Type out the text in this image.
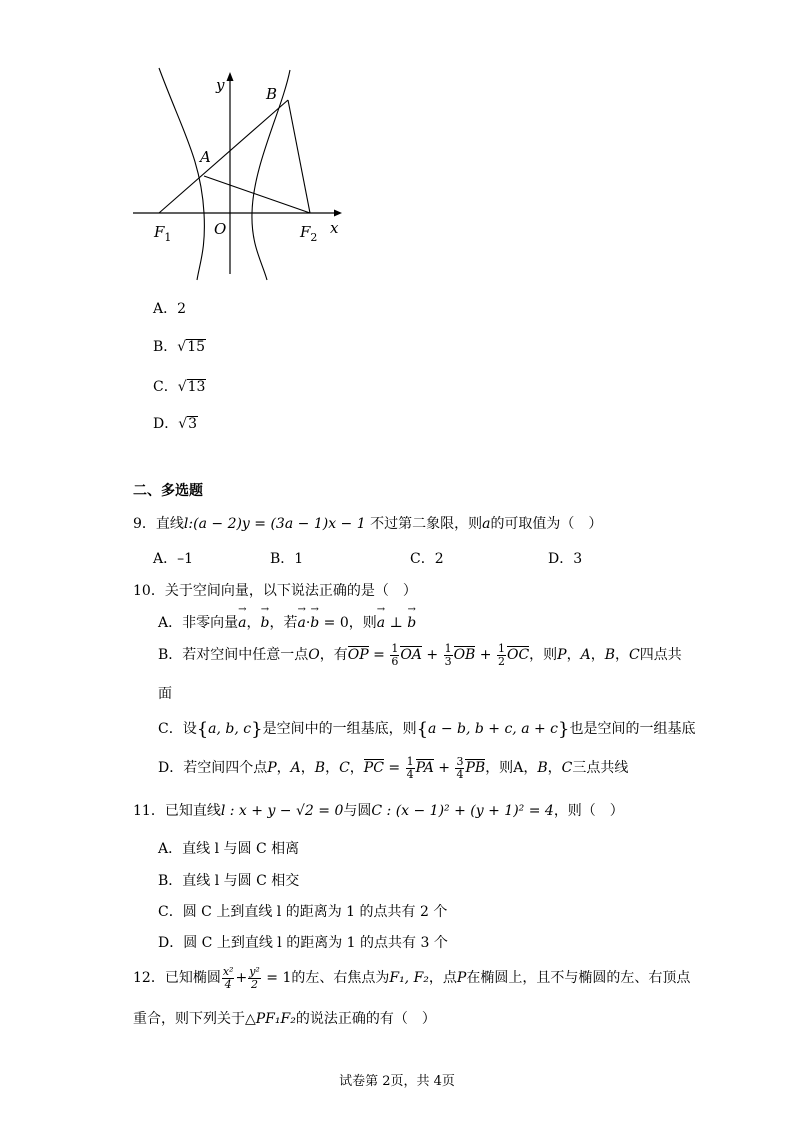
y	B
A
$F_1$	O	$F_2$
x
A．2
B．√15
C．√13
D．√3
二、多选题
9．直线l:(a − 2)y = (3a − 1)x − 1 不过第二象限，则a的可取值为（　）
A．–1	B．1	C．2	D．3
10．关于空间向量，以下说法正确的是（　）
A．非零向量→ a，→ b，若→ a·→ b = 0，则→ a ⊥ → b
B．若对空间中任意一点O，有OP = $\frac{1}{6}$ OA + $\frac{1}{3}$ OB + $\frac{1}{2}$ OC，则P，A，B，C四点共
面
C．设{a, b, c}是空间中的一组基底，则{a − b, b + c, a + c}也是空间的一组基底
D．若空间四个点P，A，B，C，PC = $\frac{1}{4}$ PA + $\frac{3}{4}$ PB，则A，B，C三点共线
11．已知直线l : x + y − √2 = 0与圆C : (x − 1)² + (y + 1)² = 4，则（　）
A．直线 l 与圆 C 相离
B．直线 l 与圆 C 相交
C．圆 C 上到直线 l 的距离为 1 的点共有 2 个
D．圆 C 上到直线 l 的距离为 1 的点共有 3 个
12．已知椭圆 $\frac{\text{x²}}{4} + \frac{\text{y²}}{2} = 1$的左、右焦点为F₁, F₂，点P在椭圆上，且不与椭圆的左、右顶点
重合，则下列关于△PF₁F₂的说法正确的有（　）
试卷第 2页，共 4页
